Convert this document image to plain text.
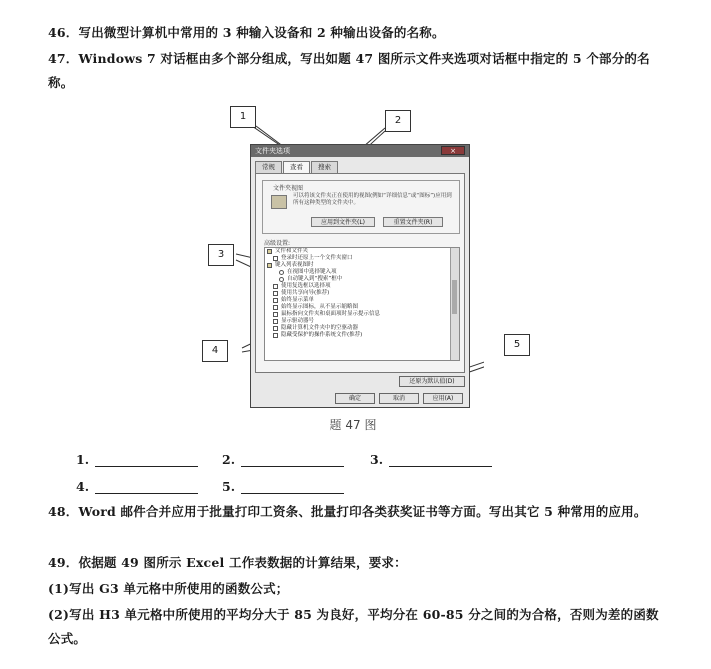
46．写出微型计算机中常用的 3 种输入设备和 2 种输出设备的名称。
47．Windows 7 对话框由多个部分组成，写出如题 47 图所示文件夹选项对话框中指定的 5 个部分的名称。
文件夹选项	×
常规	查看	搜索
文件夹视图
可以将该文件夹正在使用的视图(例如“详细信息”或“图标”)应用到所有这种类型的文件夹中。
应用到文件夹(L)	重置文件夹(R)
高级设置:
文件和文件夹
登录时还原上一个文件夹窗口
键入列表视图时
在视图中选择键入项
自动键入到“搜索”框中
使用复选框以选择项
使用共享向导(推荐)
始终显示菜单
始终显示图标，从不显示缩略图
鼠标指向文件夹和桌面项时显示提示信息
显示驱动器号
隐藏计算机文件夹中的空驱动器
隐藏受保护的操作系统文件(推荐)
还原为默认值(D)
确定	取消	应用(A)
1	2
3
4
5
题 47 图
1.	2.	3.
4.	5.
48．Word 邮件合并应用于批量打印工资条、批量打印各类获奖证书等方面。写出其它 5 种常用的应用。
49．依据题 49 图所示 Excel 工作表数据的计算结果，要求：
(1)写出 G3 单元格中所使用的函数公式；
(2)写出 H3 单元格中所使用的平均分大于 85 为良好，平均分在 60-85 分之间的为合格，否则为差的函数公式。
